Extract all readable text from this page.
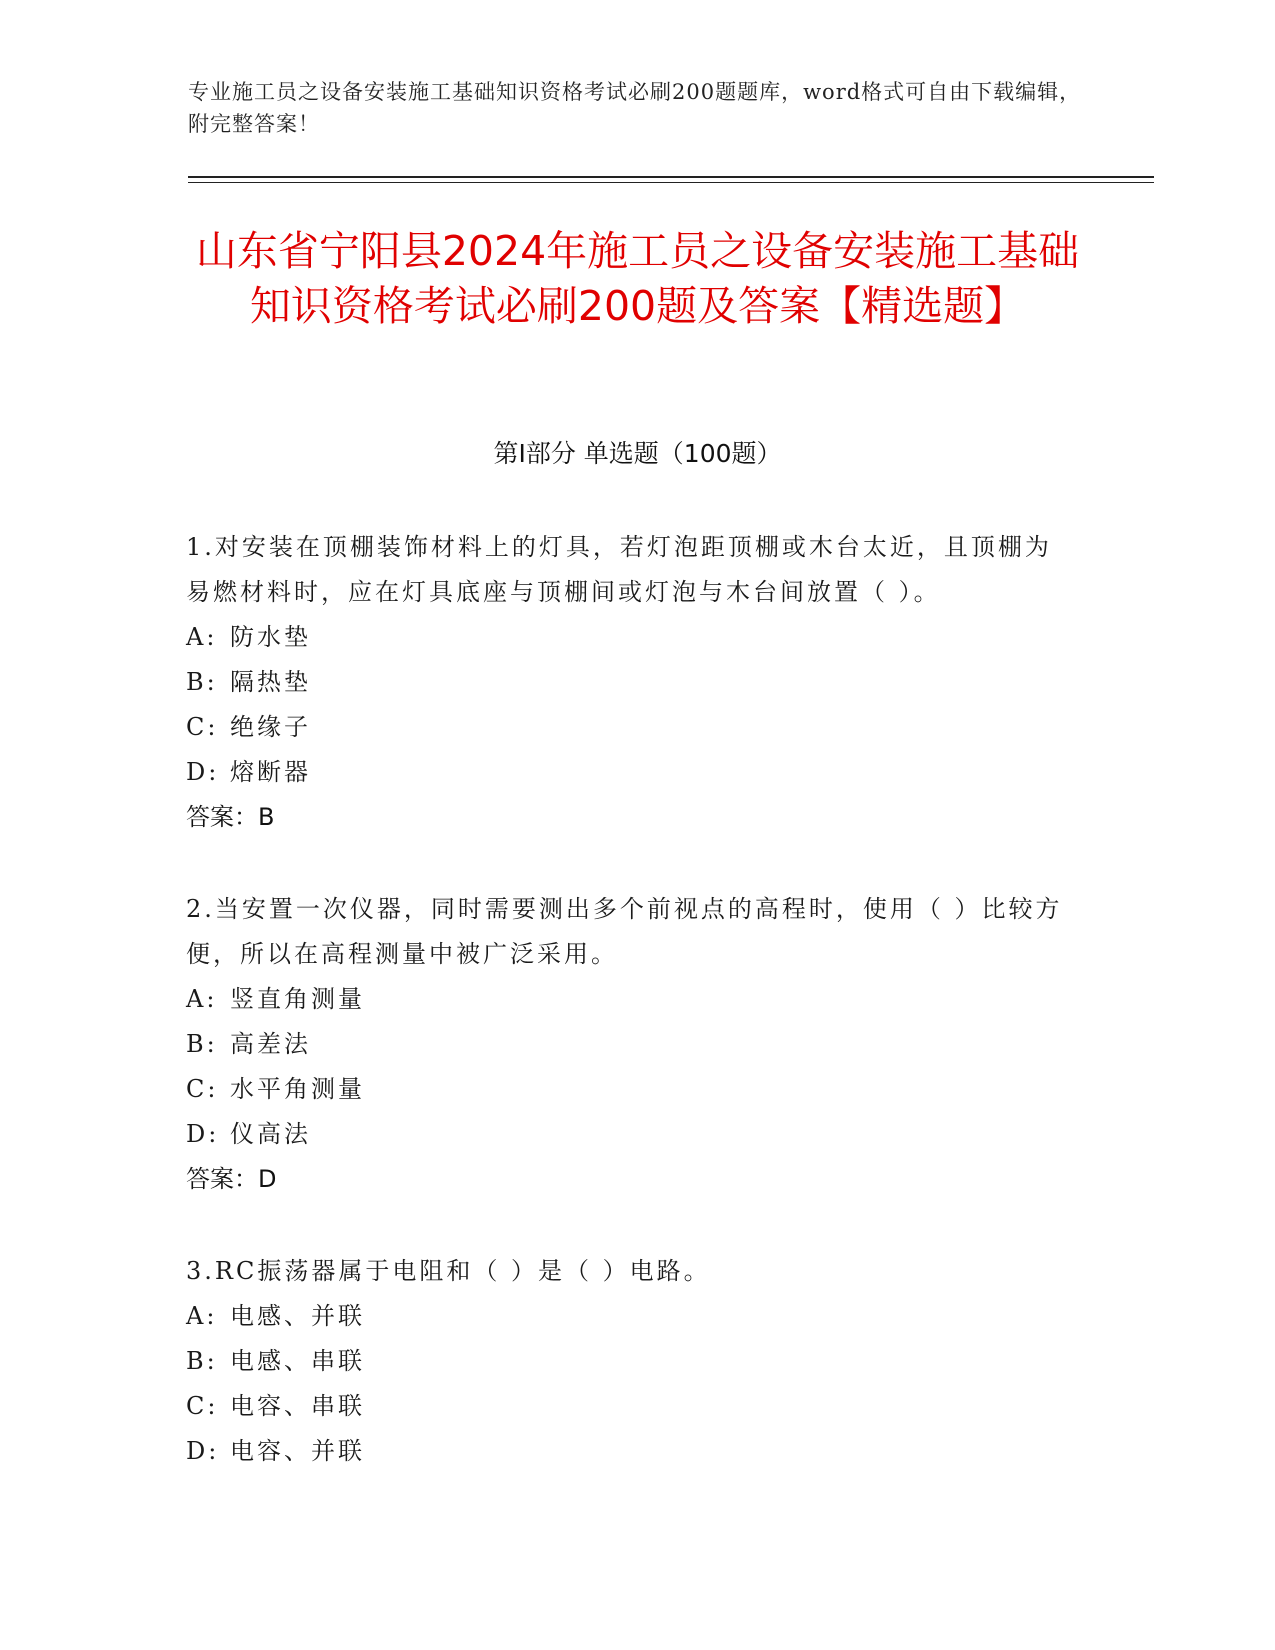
专业施工员之设备安装施工基础知识资格考试必刷200题题库，word格式可自由下载编辑，附完整答案！
山东省宁阳县2024年施工员之设备安装施工基础知识资格考试必刷200题及答案【精选题】
第Ⅰ部分 单选题（100题）
1.对安装在顶棚装饰材料上的灯具，若灯泡距顶棚或木台太近，且顶棚为易燃材料时，应在灯具底座与顶棚间或灯泡与木台间放置（ ）。
A: 防水垫
B: 隔热垫
C: 绝缘子
D: 熔断器
答案：B
2.当安置一次仪器，同时需要测出多个前视点的高程时，使用（ ）比较方便，所以在高程测量中被广泛采用。
A: 竖直角测量
B: 高差法
C: 水平角测量
D: 仪高法
答案：D
3.RC振荡器属于电阻和（ ）是（ ）电路。
A: 电感、并联
B: 电感、串联
C: 电容、串联
D: 电容、并联
